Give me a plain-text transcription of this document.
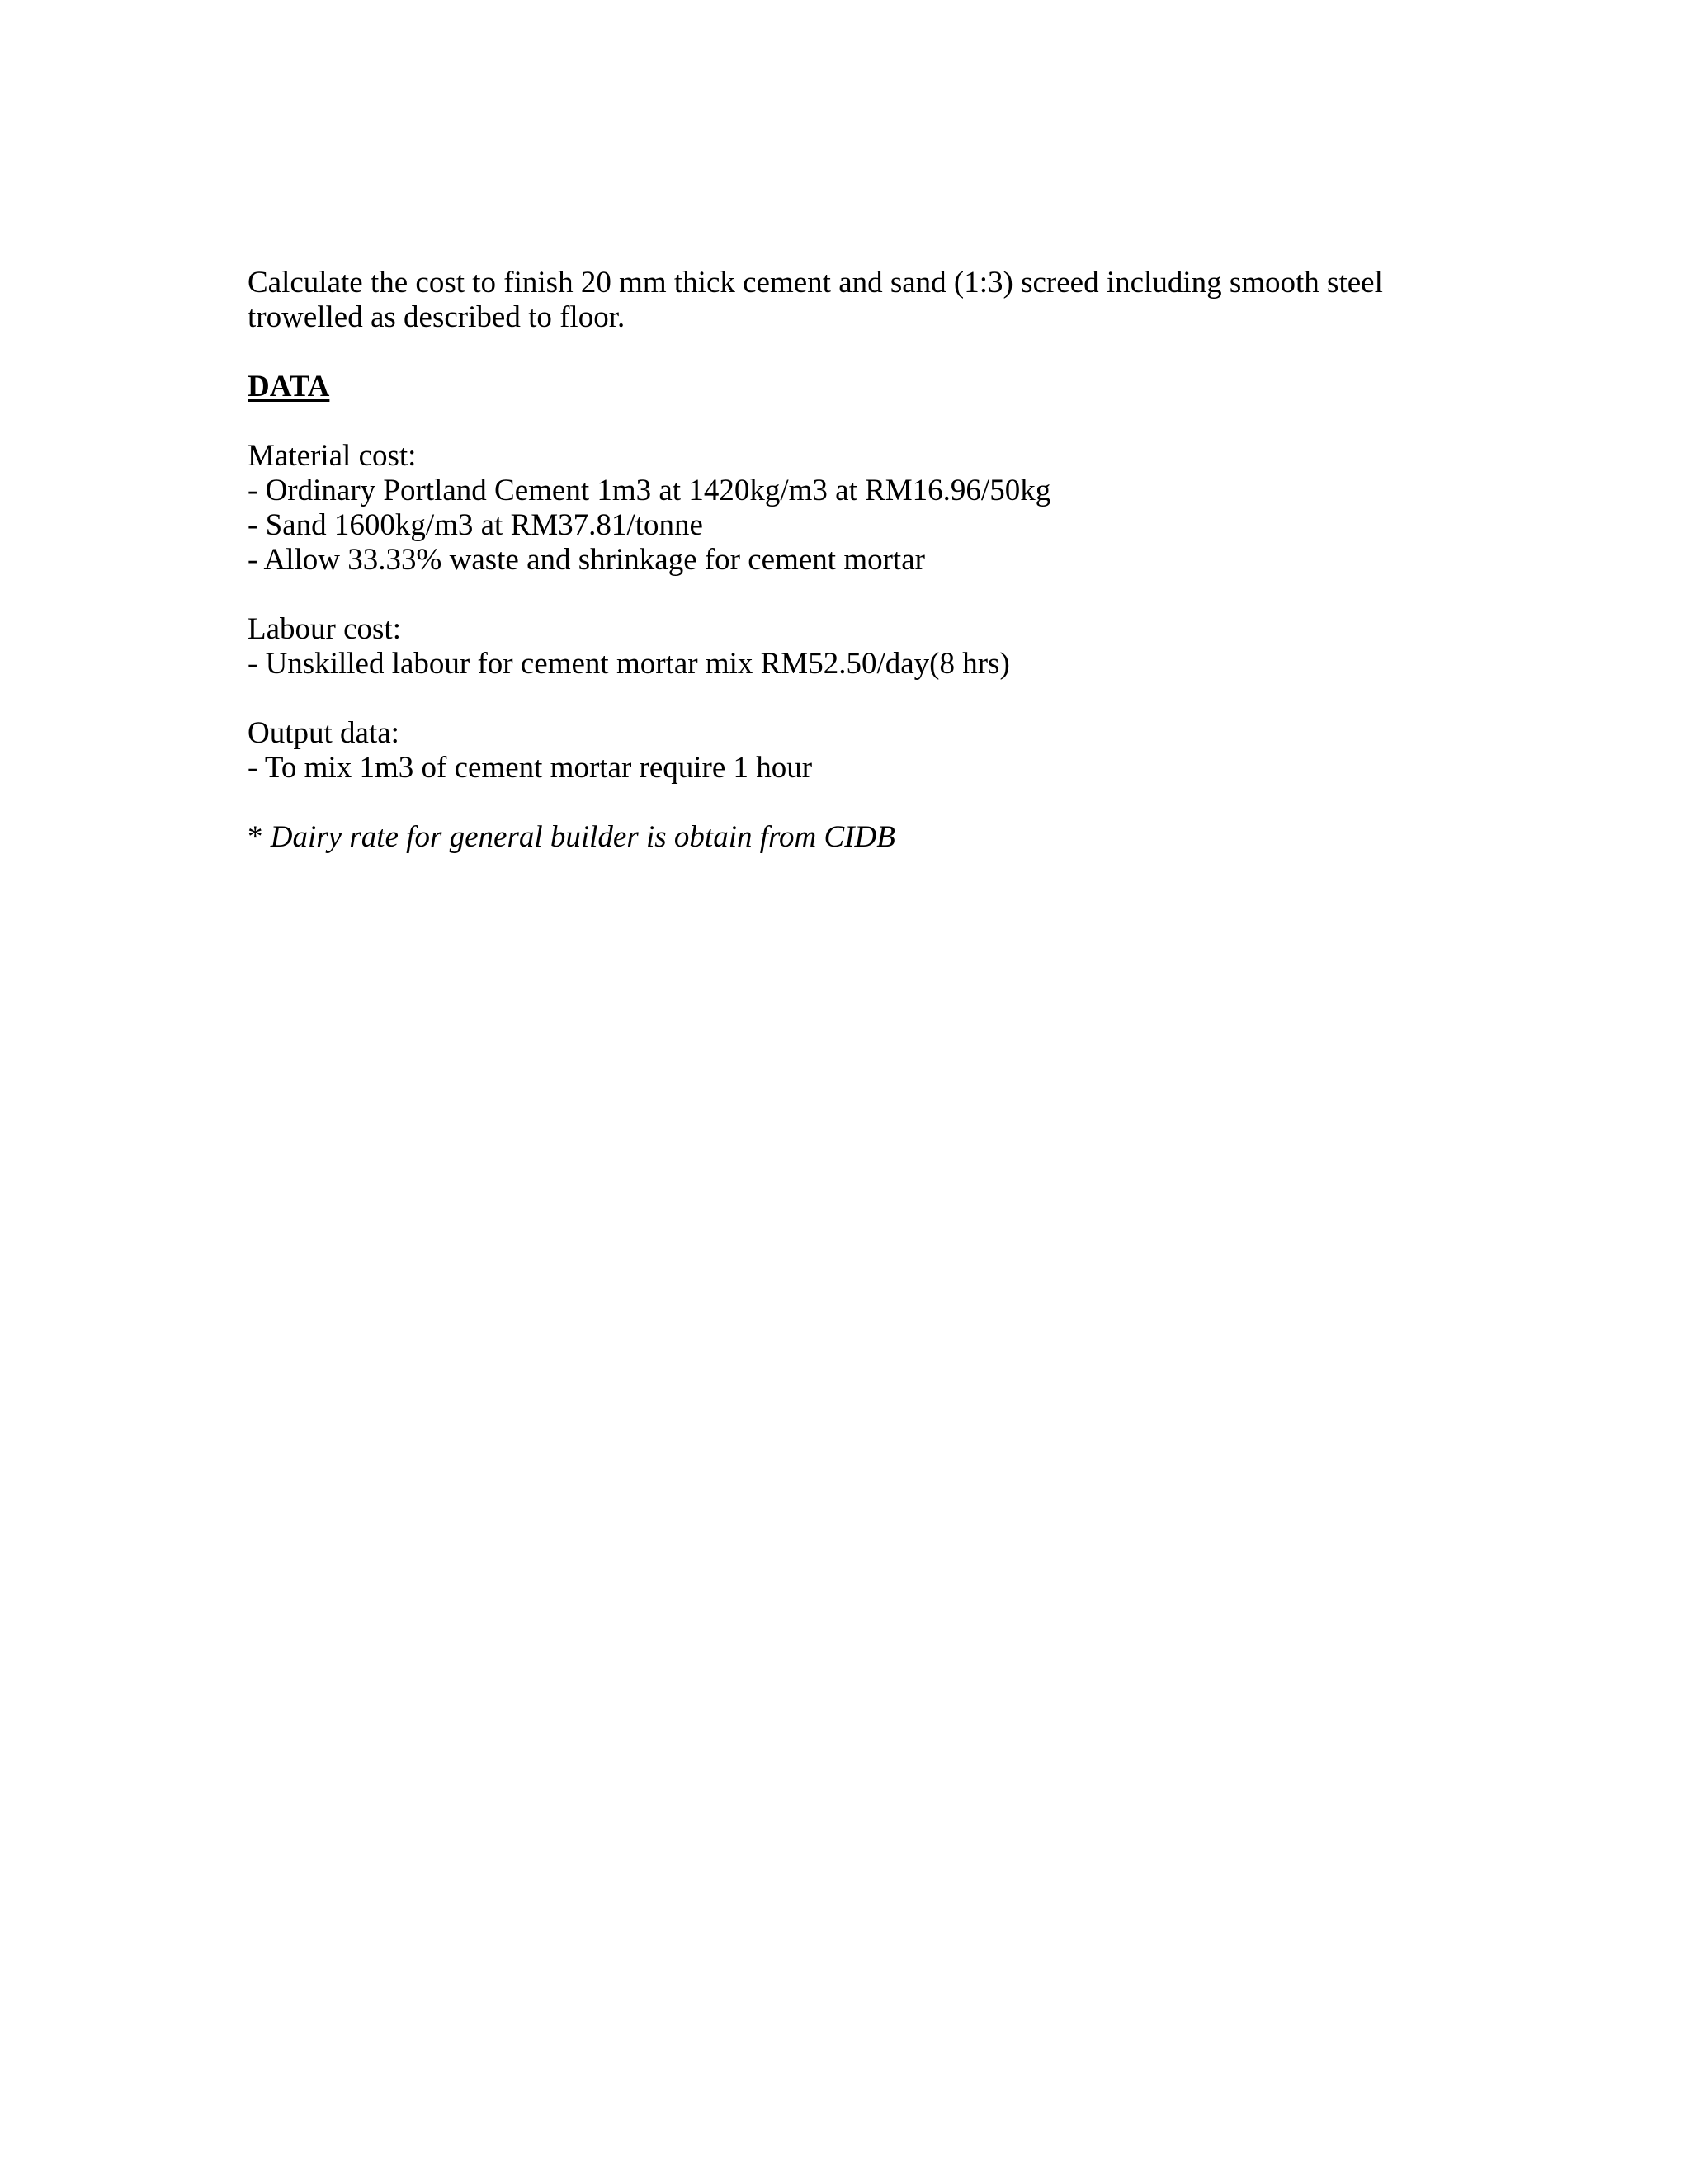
Calculate the cost to finish 20 mm thick cement and sand (1:3) screed including smooth steel
trowelled as described to floor.
DATA
Material cost:
- Ordinary Portland Cement 1m3 at 1420kg/m3 at RM16.96/50kg
- Sand 1600kg/m3 at RM37.81/tonne
- Allow 33.33% waste and shrinkage for cement mortar
Labour cost:
- Unskilled labour for cement mortar mix RM52.50/day(8 hrs)
Output data:
- To mix 1m3 of cement mortar require 1 hour
* Dairy rate for general builder is obtain from CIDB
